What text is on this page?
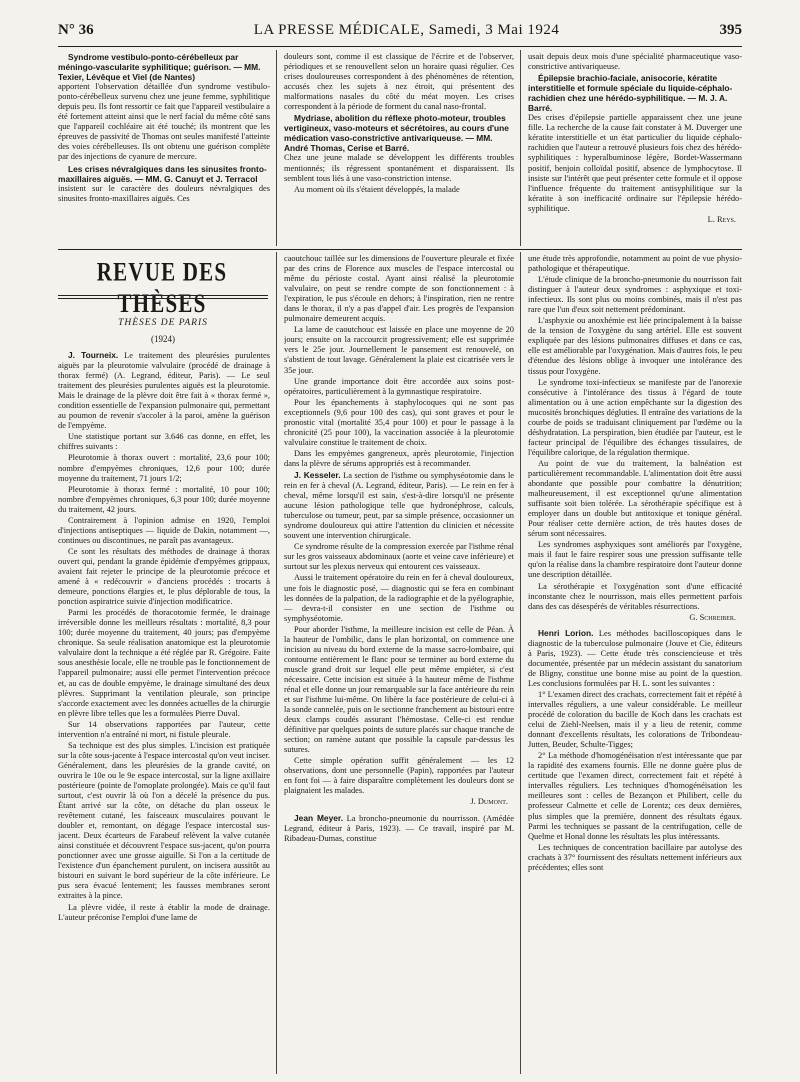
N° 36	LA PRESSE MÉDICALE, Samedi, 3 Mai 1924	395
Syndrome vestibulo-ponto-cérébelleux par méningo-vascularite syphilitique; guérison. — MM. Texier, Lévêque et Viel (de Nantes)

apportent l'observation détaillée d'un syndrome vestibulo-ponto-cérébelleux survenu chez une jeune femme, syphilitique depuis peu. Ils font ressortir ce fait que l'appareil vestibulaire a été fortement atteint ainsi que le nerf facial du même côté sans que l'appareil cochléaire ait été touché; ils montrent que les épreuves de passivité de Thomas ont seules manifesté l'atteinte des voies cérébelleuses. Ils ont obtenu une guérison complète par des injections de cyanure de mercure.

Les crises névralgiques dans les sinusites fronto-maxillaires aiguës. — MM. G. Canuyt et J. Terracol

insistent sur le caractère des douleurs névralgiques des sinusites fronto-maxillaires aiguës. Ces

douleurs sont, comme il est classique de l'écrire et de l'observer, périodiques et se renouvellent selon un horaire quasi régulier. Ces crises douloureuses correspondent à des phénomènes de rétention, accusés chez les sujets à nez étroit, qui présentent des malformations nasales du côté du méat moyen. Les crises correspondent à la période de forment du canal naso-frontal.

Mydriase, abolition du réflexe photo-moteur, troubles vertigineux, vaso-moteurs et sécrétoires, au cours d'une médication vaso-constrictive antivariqueuse. — MM. André Thomas, Cerise et Barré.

Chez une jeune malade se développent les différents troubles mentionnés; ils régressent spontanément et disparaissent. Ils semblent tous liés à une vaso-constriction intense.

Au moment où ils s'étaient développés, la malade

usait depuis deux mois d'une spécialité pharmaceutique vaso-constrictive antivariqueuse.

Épilepsie brachio-faciale, anisocorie, kératite interstitielle et formule spéciale du liquide-céphalo-rachidien chez une hérédo-syphilitique. — M. J. A. Barré.

Des crises d'épilepsie partielle apparaissent chez une jeune fille. La recherche de la cause fait constater à M. Duverger une kératite interstitielle et un état particulier du liquide céphalo-rachidien que l'auteur a retrouvé plusieurs fois chez des hérédo-syphilitiques : hyperalbuminose légère, Bordet-Wassermann positif, benjoin colloïdal positif, absence de lymphocytose. Il insiste sur l'intérêt que peut présenter cette formule et il oppose l'influence fréquente du traitement antisyphilitique sur la kératite à son inefficacité ordinaire sur l'épilepsie hérédo-syphilitique.

L. Reys.

REVUE DES THÈSES
THÈSES DE PARIS
(1924)

J. Tourneix. Le traitement des pleurésies purulentes aiguës par la pleurotomie valvulaire (procédé de drainage à thorax fermé) (A. Legrand, éditeur, Paris). — Le seul traitement des pleurésies purulentes aiguës est la pleurotomie. Mais le drainage de la plèvre doit être fait à « thorax fermé », condition essentielle de l'expansion pulmonaire qui, permettant au poumon de revenir s'accoler à la paroi, amène la guérison de l'empyème.

Une statistique portant sur 3.646 cas donne, en effet, les chiffres suivants :

Pleurotomie à thorax ouvert : mortalité, 23,6 pour 100; nombre d'empyèmes chroniques, 12,6 pour 100; durée moyenne du traitement, 71 jours 1/2;

Pleurotomie à thorax fermé : mortalité, 10 pour 100; nombre d'empyèmes chroniques, 6,3 pour 100; durée moyenne du traitement, 42 jours.

Contrairement à l'opinion admise en 1920, l'emploi d'injections antiseptiques — liquide de Dakin, notamment —, continues ou discontinues, ne paraît pas avantageux.

Ce sont les résultats des méthodes de drainage à thorax ouvert qui, pendant la grande épidémie d'empyèmes grippaux, avaient fait rejeter le principe de la pleurotomie précoce et amené à « redécouvrir » d'anciens procédés : trocarts à demeure, ponctions élargies et, le plus déplorable de tous, la ponction aspiratrice suivie d'injection modificatrice.

Parmi les procédés de thoracotomie fermée, le drainage irréversible donne les meilleurs résultats : mortalité, 8,3 pour 100; durée moyenne du traitement, 40 jours; pas d'empyème chronique. Sa seule réalisation anatomique est la pleurotomie valvulaire dont la technique a été réglée par R. Grégoire. Faite sous anesthésie locale, elle ne trouble pas le fonctionnement de l'appareil pulmonaire; aussi elle permet l'intervention précoce et, au cas de double empyème, le drainage simultané des deux plèvres. Supprimant la ventilation pleurale, son principe s'accorde exactement avec les données actuelles de la chirurgie en plèvre libre telles que les a formulées Pierre Duval.

Sur 14 observations rapportées par l'auteur, cette intervention n'a entraîné ni mort, ni fistule pleurale.

Sa technique est des plus simples. L'incision est pratiquée sur la côte sous-jacente à l'espace intercostal qu'on veut inciser. Généralement, dans les pleurésies de la grande cavité, on ouvrira le 10e ou le 9e espace intercostal, sur la ligne axillaire postérieure (pointe de l'omoplate prolongée). Mais ce qu'il faut surtout, c'est ouvrir là où l'on a décelé la présence du pus. Étant arrivé sur la côte, on détache du plan osseux le revêtement cutané, les faisceaux musculaires pouvant le doubler et, remontant, on dégage l'espace intercostal sus-jacent. Deux écarteurs de Farabeuf relèvent la valve cutanée ainsi constituée et découvrent l'espace sus-jacent, qu'on pourra ponctionner avec une grosse aiguille. Si l'on a la certitude de l'existence d'un épanchement purulent, on incisera aussitôt au bistouri en suivant le bord supérieur de la côte inférieure. Le pus sera évacué lentement; les fausses membranes seront extraites à la pince.

La plèvre vidée, il reste à établir la mode de drainage. L'auteur préconise l'emploi d'une lame de

caoutchouc taillée sur les dimensions de l'ouverture pleurale et fixée par des crins de Florence aux muscles de l'espace intercostal ou même du périoste costal. Ayant ainsi réalisé la pleurotomie valvulaire, on peut se rendre compte de son fonctionnement : à l'expiration, le pus s'écoule en dehors; à l'inspiration, rien ne rentre dans le thorax, il n'y a pas d'appel d'air. Les progrès de l'expansion pulmonaire demeurent acquis.

La lame de caoutchouc est laissée en place une moyenne de 20 jours; ensuite on la raccourcit progressivement; elle est supprimée vers le 25e jour. Journellement le pansement est renouvelé, on s'abstient de tout lavage. Généralement la plaie est cicatrisée vers le 35e jour.

Une grande importance doit être accordée aux soins post-opératoires, particulièrement à la gymnastique respiratoire.

Pour les épanchements à staphylocoques qui ne sont pas exceptionnels (9,6 pour 100 des cas), qui sont graves et pour le pronostic vital (mortalité 35,4 pour 100) et pour le passage à la chronicité (25 pour 100), la vaccination associée à la pleurotomie valvulaire constitue le traitement de choix.

Dans les empyèmes gangreneux, après pleurotomie, l'injection dans la plèvre de sérums appropriés est à recommander.

J. Kesseler. La section de l'isthme ou symphyséotomie dans le rein en fer à cheval (A. Legrand, éditeur, Paris). — Le rein en fer à cheval, même lorsqu'il est sain, s'est-à-dire lorsqu'il ne présente aucune lésion pathologique telle que hydronéphrose, calculs, tuberculose ou tumeur, peut, par sa simple présence, occasionner un syndrome douloureux qui attire l'attention du clinicien et nécessite souvent une intervention chirurgicale.

Ce syndrome résulte de la compression exercée par l'isthme rénal sur les gros vaisseaux abdominaux (aorte et veine cave inférieure) et surtout sur les plexus nerveux qui entourent ces vaisseaux.

Aussi le traitement opératoire du rein en fer à cheval douloureux, une fois le diagnostic posé, — diagnostic qui se fera en combinant les données de la palpation, de la radiographie et de la pyélographie, — devra-t-il consister en une section de l'isthme ou symphyséotomie.

Pour aborder l'isthme, la meilleure incision est celle de Péan. À la hauteur de l'ombilic, dans le plan horizontal, on commence une incision au niveau du bord externe de la masse sacro-lombaire, qui contourne entièrement le flanc pour se terminer au bord externe du muscle grand droit sur lequel elle peut même empiéter, si c'est nécessaire. Cette incision est située à la hauteur même de l'isthme rénal et elle donne un jour remarquable sur la face antérieure du rein et sur l'isthme lui-même. On libère la face postérieure de celui-ci à la sonde cannelée, puis on le sectionne franchement au bistouri entre deux clamps coudés assurant l'hémostase. Celle-ci est rendue définitive par quelques points de suture placés sur chaque tranche de section; on ramène autant que possible la capsule par-dessus les sutures.

Cette simple opération suffit généralement — les 12 observations, dont une personnelle (Papin), rapportées par l'auteur en font foi — à faire disparaître complètement les douleurs dont se plaignaient les malades.

J. Dumont.

Jean Meyer. La broncho-pneumonie du nourrisson. (Amédée Legrand, éditeur à Paris, 1923). — Ce travail, inspiré par M. Ribadeau-Dumas, constitue

une étude très approfondie, notamment au point de vue physio-pathologique et thérapeutique.

L'étude clinique de la broncho-pneumonie du nourrisson fait distinguer à l'auteur deux syndromes : asphyxique et toxi-infectieux. Ils sont plus ou moins combinés, mais il n'est pas rare que l'un d'eux soit nettement prédominant.

L'asphyxie ou anoxhémie est liée principalement à la baisse de la tension de l'oxygène du sang artériel. Elle est souvent expliquée par des lésions pulmonaires diffuses et dans ce cas, elle est améliorable par l'oxygénation. Mais d'autres fois, le peu d'étendue des lésions oblige à invoquer une intolérance des tissus pour l'oxygène.

Le syndrome toxi-infectieux se manifeste par de l'anorexie consécutive à l'intolérance des tissus à l'égard de toute alimentation ou à une action empêchante sur la digestion des mucosités bronchiques dégluties. Il entraîne des variations de la courbe de poids se traduisant cliniquement par l'œdème ou la déshydratation. La perspiration, bien étudiée par l'auteur, est le facteur principal de l'équilibre des échanges tissulaires, de l'équilibre calorique, de la régulation thermique.

Au point de vue du traitement, la balnéation est particulièrement recommandable. L'alimentation doit être aussi abondante que possible pour combattre la dénutrition; malheureusement, il est exceptionnel qu'une alimentation suffisante soit bien tolérée. La sérothérapie spécifique est à employer dans un double but antitoxique et tonique général. Pour réaliser cette dernière action, de très hautes doses de sérum sont nécessaires.

Les syndromes asphyxiques sont améliorés par l'oxygène, mais il faut le faire respirer sous une pression suffisante telle qu'on la réalise dans la chambre respiratoire dont l'auteur donne une description détaillée.

La sérothérapie et l'oxygénation sont d'une efficacité inconstante chez le nourrisson, mais elles permettent parfois dans des cas désespérés de véritables résurrections.

G. Schreiber.

Henri Lorion. Les méthodes bacilloscopiques dans le diagnostic de la tuberculose pulmonaire (Jouve et Cie, éditeurs à Paris, 1923). — Cette étude très consciencieuse et très documentée, présentée par un médecin assistant du sanatorium de Bligny, constitue une bonne mise au point de la question. Les conclusions formulées par H. L. sont les suivantes :

1° L'examen direct des crachats, correctement fait et répété à intervalles réguliers, a une valeur considérable. Le meilleur procédé de coloration du bacille de Koch dans les crachats est celui de Ziehl-Neelsen, mais il y a lieu de retenir, comme donnant d'excellents résultats, les colorations de Tribondeau-Jutten, Beuder, Schulte-Tigges;

2° La méthode d'homogénéisation n'est intéressante que par la rapidité des examens fournis. Elle ne donne guère plus de certitude que l'examen direct, correctement fait et répété à intervalles réguliers. Les techniques d'homogénéisation les meilleures sont : celles de Bezançon et Philibert, celle du professeur Calmette et celle de Lorentz; ces deux dernières, plus simples que la première, donnent des résultats égaux. Parmi les techniques se passant de la centrifugation, celle de Quelme et Honal donne les résultats les plus intéressants.

Les techniques de concentration bacillaire par autolyse des crachats à 37° fournissent des résultats nettement inférieurs aux précédentes; elles sont
